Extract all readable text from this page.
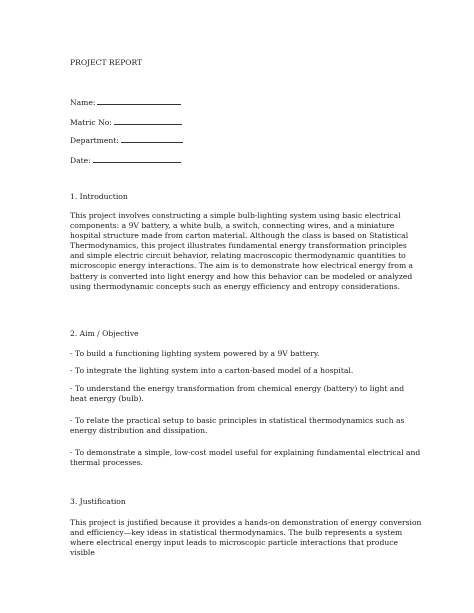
PROJECT REPORT
Name:
Matric No:
Department:
Date:
1. Introduction
This project involves constructing a simple bulb-lighting system using basic electrical components: a 9V battery, a white bulb, a switch, connecting wires, and a miniature hospital structure made from carton material. Although the class is based on Statistical Thermodynamics, this project illustrates fundamental energy transformation principles and simple electric circuit behavior, relating macroscopic thermodynamic quantities to microscopic energy interactions. The aim is to demonstrate how electrical energy from a battery is converted into light energy and how this behavior can be modeled or analyzed using thermodynamic concepts such as energy efficiency and entropy considerations.
2. Aim / Objective
- To build a functioning lighting system powered by a 9V battery.
- To integrate the lighting system into a carton-based model of a hospital.
- To understand the energy transformation from chemical energy (battery) to light and heat energy (bulb).
- To relate the practical setup to basic principles in statistical thermodynamics such as energy distribution and dissipation.
- To demonstrate a simple, low-cost model useful for explaining fundamental electrical and thermal processes.
3. Justification
This project is justified because it provides a hands-on demonstration of energy conversion and efficiency—key ideas in statistical thermodynamics. The bulb represents a system where electrical energy input leads to microscopic particle interactions that produce visible
